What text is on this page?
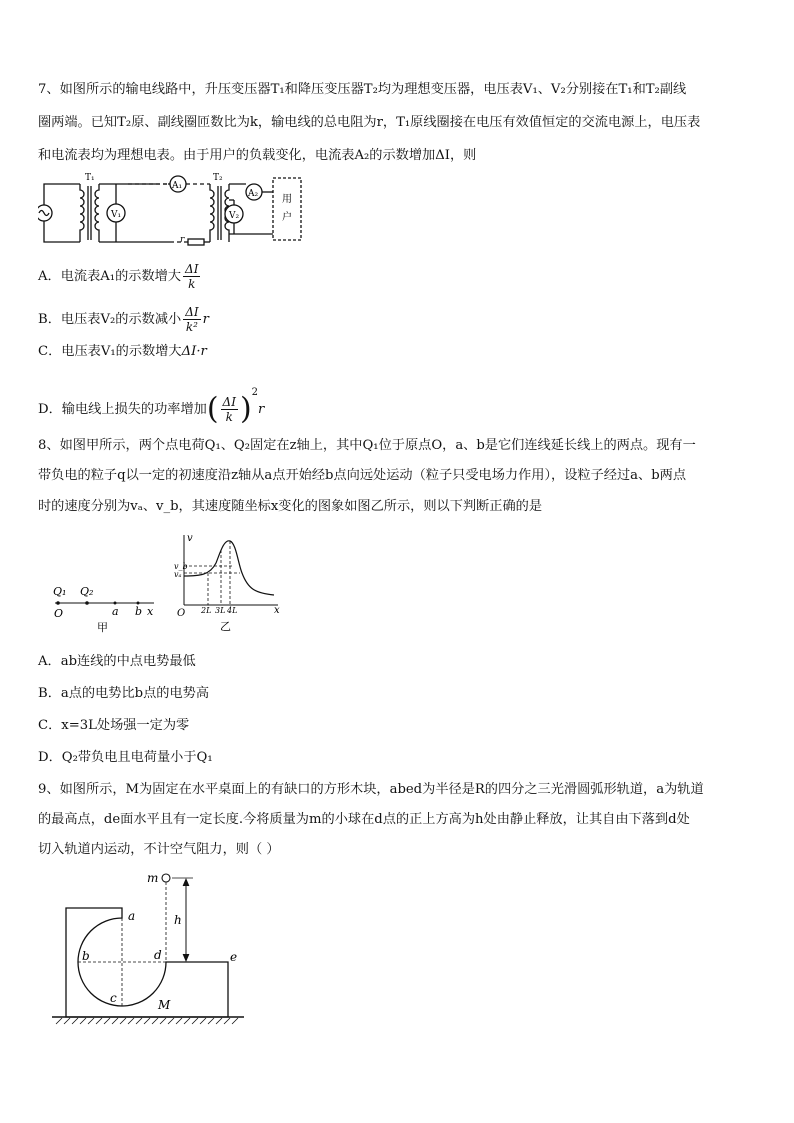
7、如图所示的输电线路中，升压变压器T₁和降压变压器T₂均为理想变压器，电压表V₁、V₂分别接在T₁和T₂副线
圈两端。已知T₂原、副线圈匝数比为k，输电线的总电阻为r，T₁原线圈接在电压有效值恒定的交流电源上，电压表
和电流表均为理想电表。由于用户的负载变化，电流表A₂的示数增加ΔI，则
T₁	T₂
V₁
A₁
V₂
A₂
r
用
户
A．电流表A₁的示数增大 $\frac{\Delta I}{k}$
B．电压表V₂的示数减小 $\frac{\Delta I}{\text{k²}}$ r
C．电压表V₁的示数增大ΔI·r
D．输电线上损失的功率增加( $\frac{\Delta I}{k} )^2r$
8、如图甲所示，两个点电荷Q₁、Q₂固定在z轴上，其中Q₁位于原点O，a、b是它们连线延长线上的两点。现有一
带负电的粒子q以一定的初速度沿z轴从a点开始经b点向远处运动（粒子只受电场力作用），设粒子经过a、b两点
时的速度分别为vₐ、v_b，其速度随坐标x变化的图象如图乙所示，则以下判断正确的是
Q₁ Q₂
O	a b x
甲
v
v_b
vₐ
O 2L 3L 4L	x
乙
A．ab连线的中点电势最低
B．a点的电势比b点的电势高
C．x=3L处场强一定为零
D．Q₂带负电且电荷量小于Q₁
9、如图所示，M为固定在水平桌面上的有缺口的方形木块，abed为半径是R的四分之三光滑圆弧形轨道，a为轨道
的最高点，de面水平且有一定长度.今将质量为m的小球在d点的正上方高为h处由静止释放，让其自由下落到d处
切入轨道内运动，不计空气阻力，则（ ）
m
h
a
b
c
d	e
M
